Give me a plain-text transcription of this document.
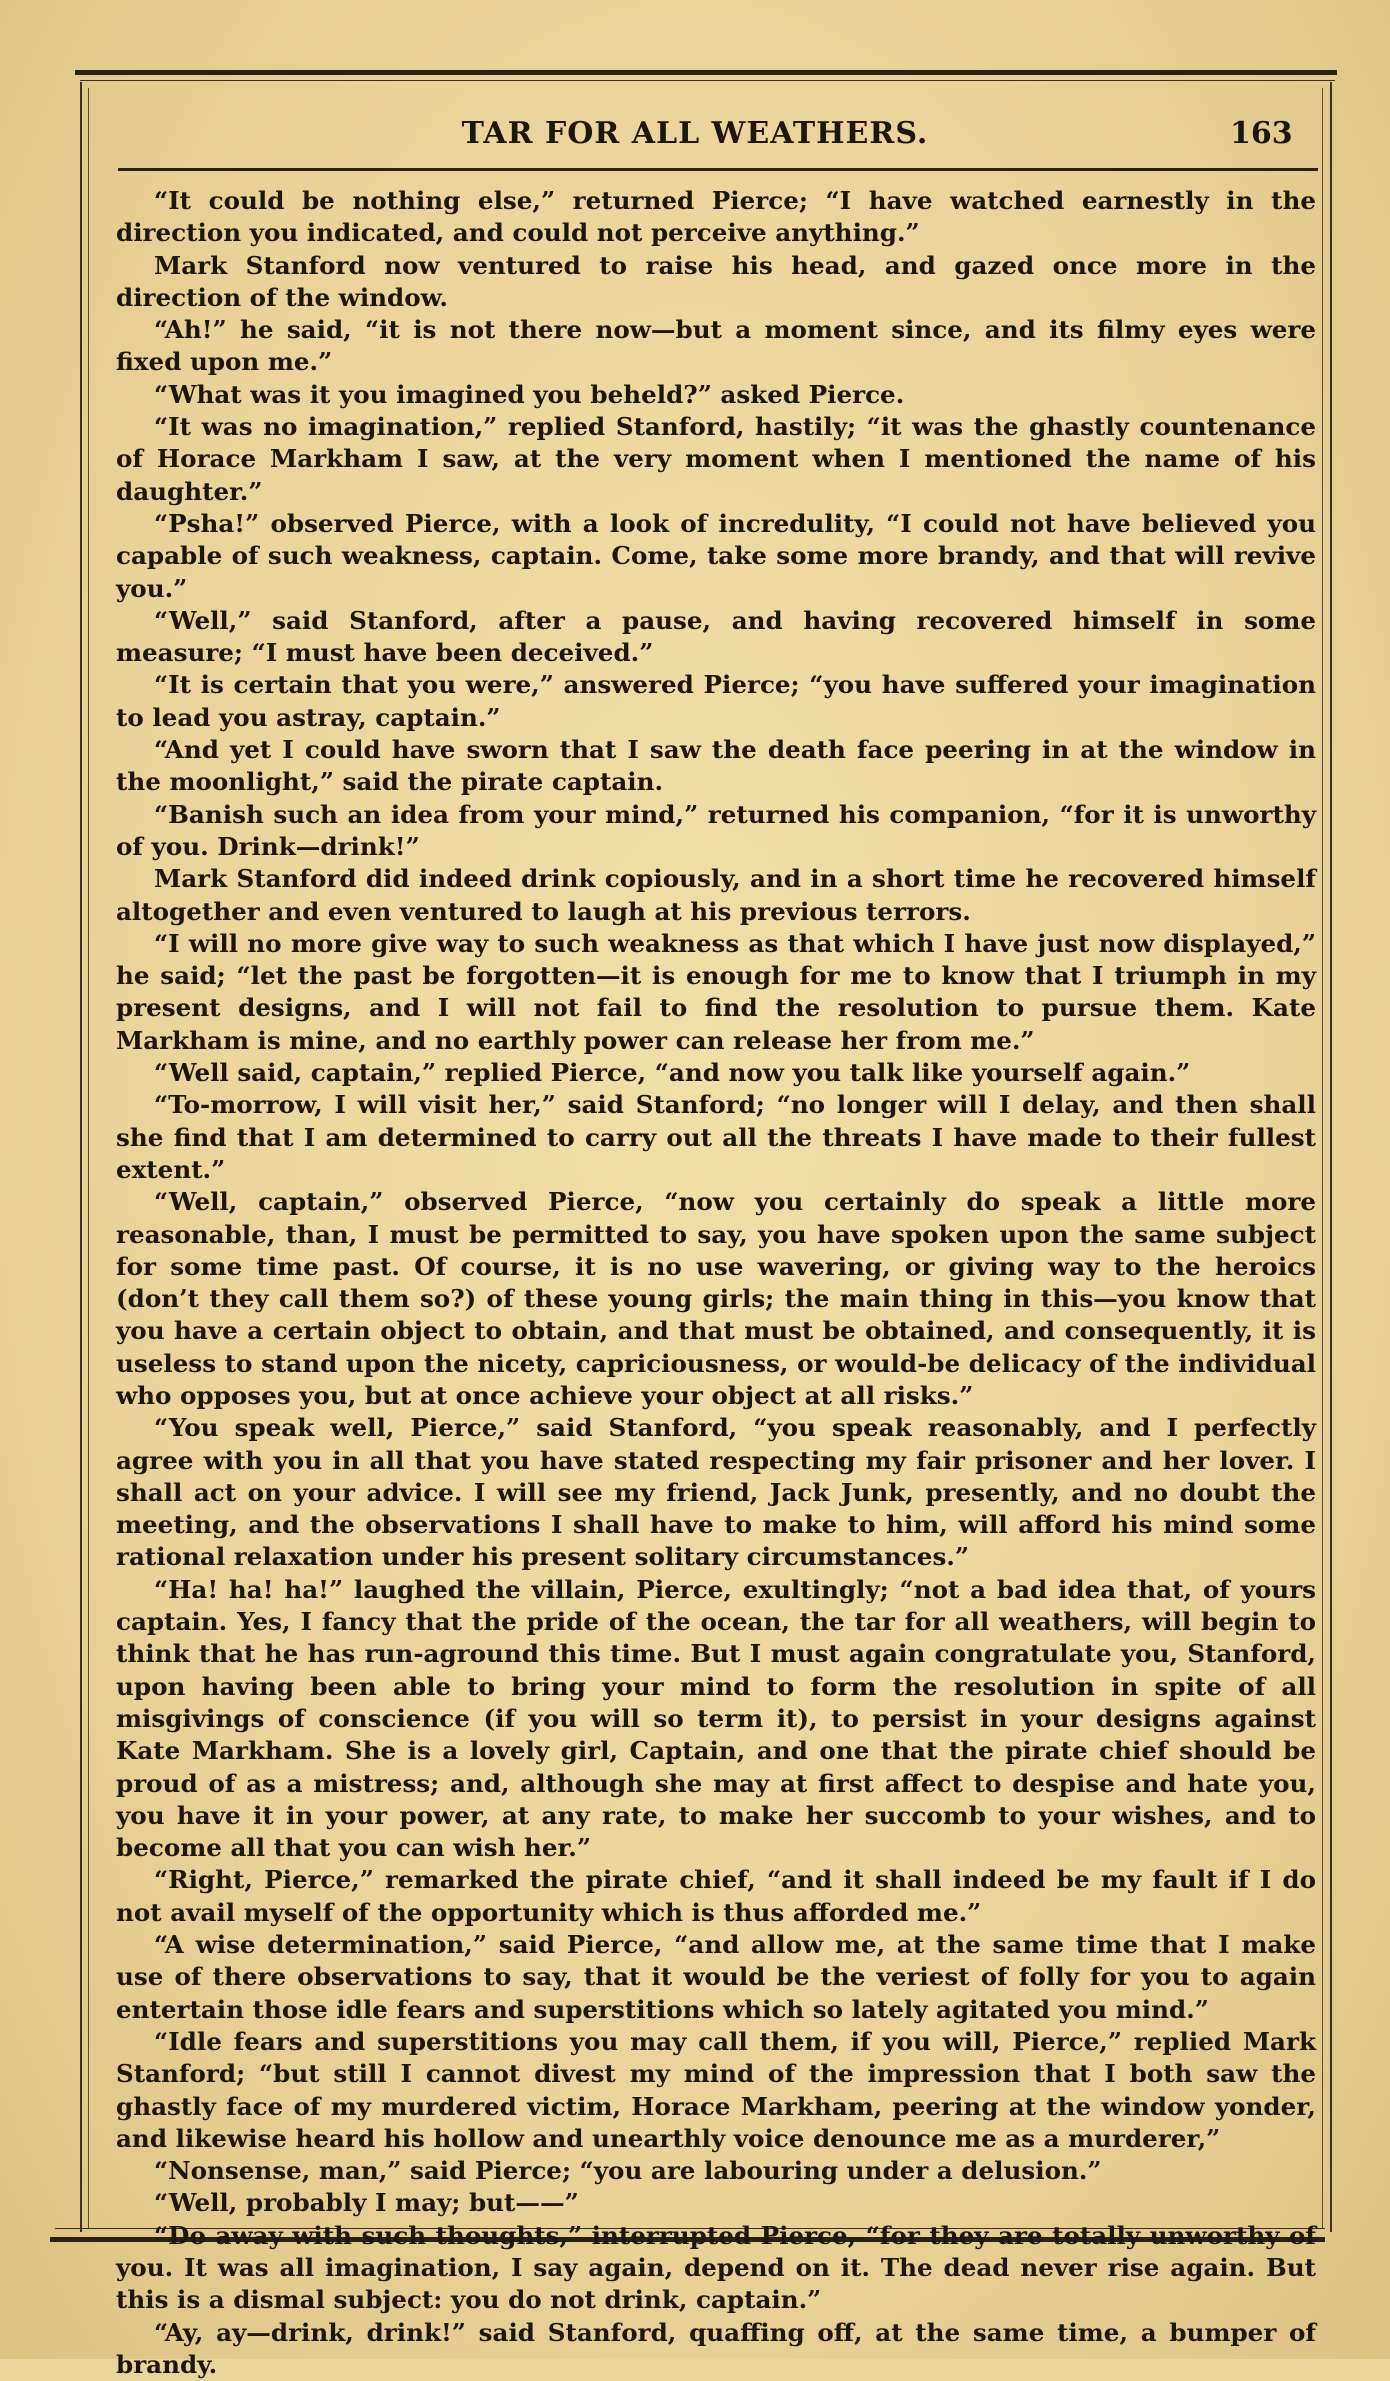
TAR FOR ALL WEATHERS.	163

“It could be nothing else,” returned Pierce; “I have watched earnestly in the direction you indicated, and could not perceive anything.”

Mark Stanford now ventured to raise his head, and gazed once more in the direction of the window.

“Ah!” he said, “it is not there now—but a moment since, and its filmy eyes were fixed upon me.”

“What was it you imagined you beheld?” asked Pierce.

“It was no imagination,” replied Stanford, hastily; “it was the ghastly countenance of Horace Markham I saw, at the very moment when I mentioned the name of his daughter.”

“Psha!” observed Pierce, with a look of incredulity, “I could not have believed you capable of such weakness, captain. Come, take some more brandy, and that will revive you.”

“Well,” said Stanford, after a pause, and having recovered himself in some measure; “I must have been deceived.”

“It is certain that you were,” answered Pierce; “you have suffered your imagination to lead you astray, captain.”

“And yet I could have sworn that I saw the death face peering in at the window in the moonlight,” said the pirate captain.

“Banish such an idea from your mind,” returned his companion, “for it is unworthy of you. Drink—drink!”

Mark Stanford did indeed drink copiously, and in a short time he recovered himself altogether and even ventured to laugh at his previous terrors.

“I will no more give way to such weakness as that which I have just now displayed,” he said; “let the past be forgotten—it is enough for me to know that I triumph in my present designs, and I will not fail to find the resolution to pursue them. Kate Markham is mine, and no earthly power can release her from me.”

“Well said, captain,” replied Pierce, “and now you talk like yourself again.”

“To-morrow, I will visit her,” said Stanford; “no longer will I delay, and then shall she find that I am determined to carry out all the threats I have made to their fullest extent.”

“Well, captain,” observed Pierce, “now you certainly do speak a little more reasonable, than, I must be permitted to say, you have spoken upon the same subject for some time past. Of course, it is no use wavering, or giving way to the heroics (don’t they call them so?) of these young girls; the main thing in this—you know that you have a certain object to obtain, and that must be obtained, and consequently, it is useless to stand upon the nicety, capriciousness, or would-be delicacy of the individual who opposes you, but at once achieve your object at all risks.”

“You speak well, Pierce,” said Stanford, “you speak reasonably, and I perfectly agree with you in all that you have stated respecting my fair prisoner and her lover. I shall act on your advice. I will see my friend, Jack Junk, presently, and no doubt the meeting, and the observations I shall have to make to him, will afford his mind some rational relaxation under his present solitary circumstances.”

“Ha! ha! ha!” laughed the villain, Pierce, exultingly; “not a bad idea that, of yours captain. Yes, I fancy that the pride of the ocean, the tar for all weathers, will begin to think that he has run-aground this time. But I must again congratulate you, Stanford, upon having been able to bring your mind to form the resolution in spite of all misgivings of conscience (if you will so term it), to persist in your designs against Kate Markham. She is a lovely girl, Captain, and one that the pirate chief should be proud of as a mistress; and, although she may at first affect to despise and hate you, you have it in your power, at any rate, to make her succomb to your wishes, and to become all that you can wish her.”

“Right, Pierce,” remarked the pirate chief, “and it shall indeed be my fault if I do not avail myself of the opportunity which is thus afforded me.”

“A wise determination,” said Pierce, “and allow me, at the same time that I make use of there observations to say, that it would be the veriest of folly for you to again entertain those idle fears and superstitions which so lately agitated you mind.”

“Idle fears and superstitions you may call them, if you will, Pierce,” replied Mark Stanford; “but still I cannot divest my mind of the impression that I both saw the ghastly face of my murdered victim, Horace Markham, peering at the window yonder, and likewise heard his hollow and unearthly voice denounce me as a murderer,”

“Nonsense, man,” said Pierce; “you are labouring under a delusion.”

“Well, probably I may; but——”

“Do away with such thoughts,” interrupted Pierce, “for they are totally unworthy of you. It was all imagination, I say again, depend on it. The dead never rise again. But this is a dismal subject: you do not drink, captain.”

“Ay, ay—drink, drink!” said Stanford, quaffing off, at the same time, a bumper of brandy.
